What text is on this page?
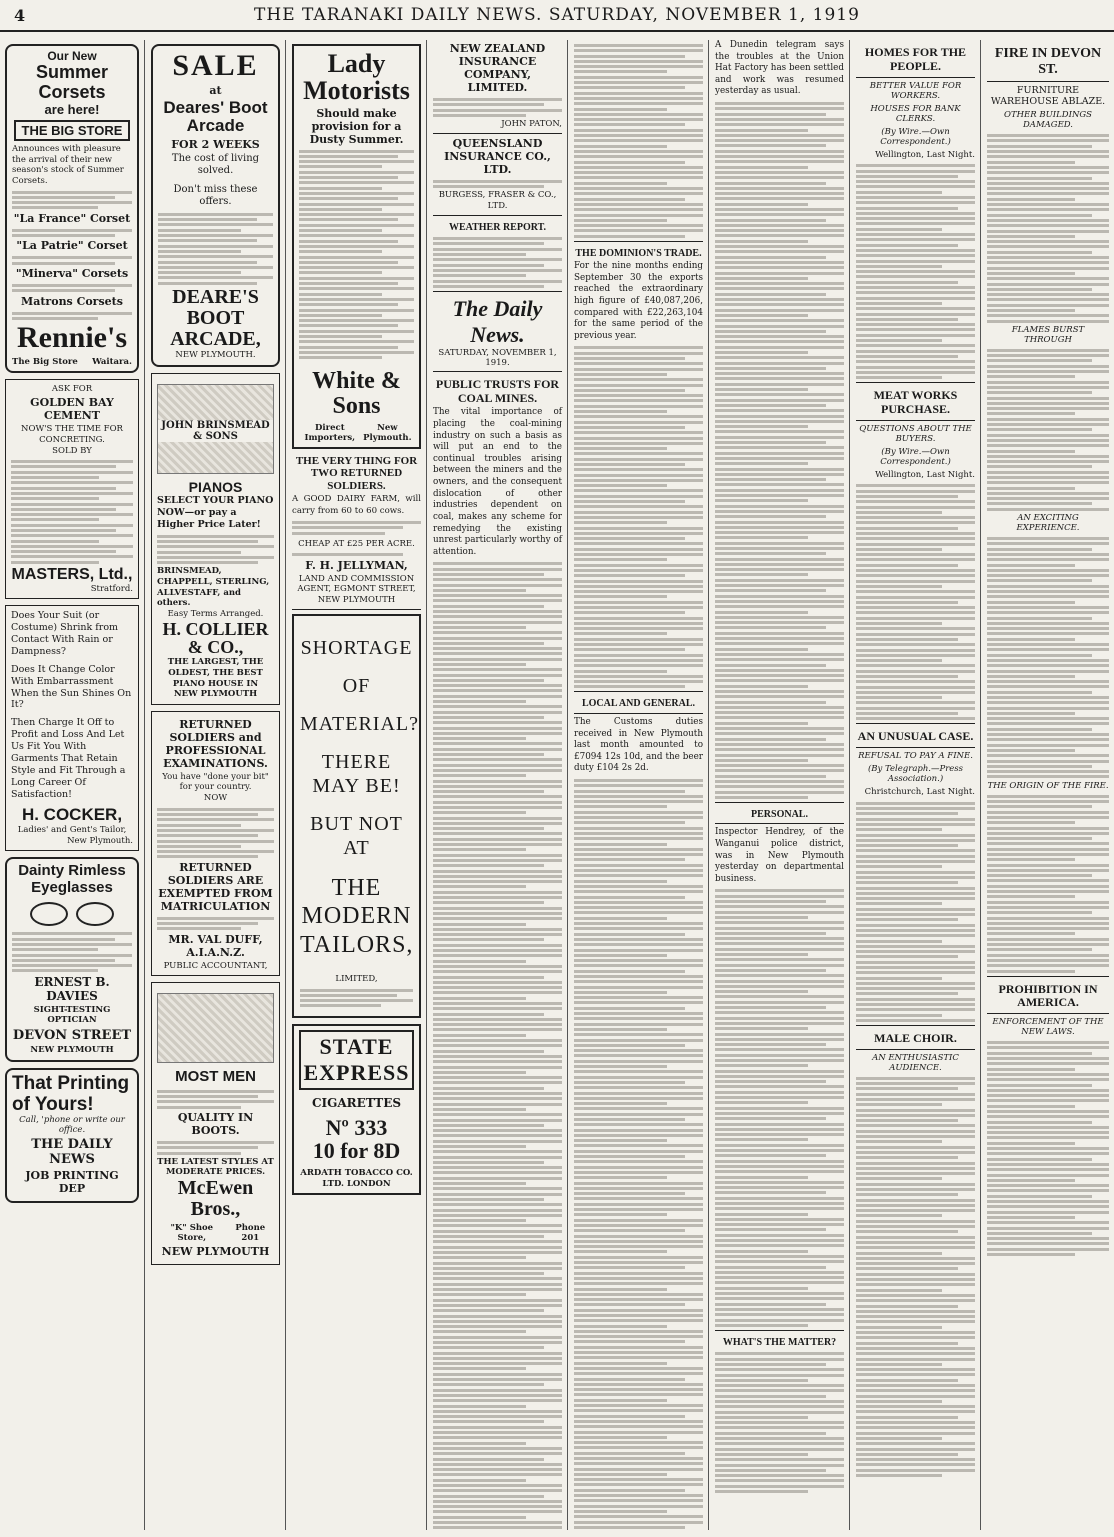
4	THE TARANAKI DAILY NEWS. SATURDAY, NOVEMBER 1, 1919
Our New
Summer
Corsets
are here!
THE BIG STORE
Announces with pleasure the arrival of their new season's stock of Summer Corsets.
"La France" Corset
"La Patrie" Corset
"Minerva" Corsets
Matrons Corsets
Rennie's
The Big Store Waitara.
ASK FOR
GOLDEN BAY CEMENT
NOW'S THE TIME FOR CONCRETING.
SOLD BY
MASTERS, Ltd.,
Stratford.
Does Your Suit (or Costume) Shrink from Contact With Rain or Dampness?
Does It Change Color With Embarrassment When the Sun Shines On It?
Then Charge It Off to Profit and Loss And Let Us Fit You With Garments That Retain Style and Fit Through a Long Career Of Satisfaction!
H. COCKER,
Ladies' and Gent's Tailor,
New Plymouth.
Dainty Rimless Eyeglasses
ERNEST B. DAVIES
SIGHT-TESTING OPTICIAN
DEVON STREET
NEW PLYMOUTH
That Printing of Yours!
Call, 'phone or write our office.
THE DAILY NEWS
JOB PRINTING DEP
SALE
at
Deares' Boot Arcade
FOR 2 WEEKS
The cost of living solved.
Don't miss these offers.
DEARE'S BOOT ARCADE,
NEW PLYMOUTH.
JOHN BRINSMEAD & SONS
PIANOS
SELECT YOUR PIANO NOW—or pay a Higher Price Later!
BRINSMEAD, CHAPPELL, STERLING, ALLVESTAFF, and others.
Easy Terms Arranged.
H. COLLIER & CO.,
THE LARGEST, THE OLDEST, THE BEST PIANO HOUSE IN
NEW PLYMOUTH
RETURNED SOLDIERS and PROFESSIONAL EXAMINATIONS.
You have "done your bit" for your country.
NOW
RETURNED SOLDIERS ARE EXEMPTED FROM MATRICULATION
MR. VAL DUFF, A.I.A.N.Z.
PUBLIC ACCOUNTANT,
MOST MEN
QUALITY IN BOOTS.
THE LATEST STYLES AT MODERATE PRICES.
McEwen Bros.,
"K" Shoe Store,
Phone 201
NEW PLYMOUTH
Lady Motorists
Should make provision for a Dusty Summer.
White & Sons
Direct Importers,
New Plymouth.
THE VERY THING FOR TWO RETURNED SOLDIERS.
A GOOD DAIRY FARM, will carry from 60 to 60 cows.
CHEAP AT £25 PER ACRE.
F. H. JELLYMAN,
LAND AND COMMISSION AGENT, EGMONT STREET, NEW PLYMOUTH
SHORTAGE
OF
MATERIAL?
THERE MAY BE!
BUT NOT AT
THE MODERN TAILORS,
LIMITED,
STATE EXPRESS
CIGARETTES
Nº 333
10 for 8D
ARDATH TOBACCO CO. LTD. LONDON
NEW ZEALAND INSURANCE COMPANY, LIMITED.
JOHN PATON,
QUEENSLAND INSURANCE CO., LTD.
BURGESS, FRASER & CO., LTD.
WEATHER REPORT.
The Daily News.
SATURDAY, NOVEMBER 1, 1919.
PUBLIC TRUSTS FOR COAL MINES.
The vital importance of placing the coal-mining industry on such a basis as will put an end to the continual troubles arising between the miners and the owners, and the consequent dislocation of other industries dependent on coal, makes any scheme for remedying the existing unrest particularly worthy of attention.
THE DOMINION'S TRADE.
For the nine months ending September 30 the exports reached the extraordinary high figure of £40,087,206, compared with £22,263,104 for the same period of the previous year.
LOCAL AND GENERAL.
The Customs duties received in New Plymouth last month amounted to £7094 12s 10d, and the beer duty £104 2s 2d.
A Dunedin telegram says the troubles at the Union Hat Factory has been settled and work was resumed yesterday as usual.
PERSONAL.
Inspector Hendrey, of the Wanganui police district, was in New Plymouth yesterday on departmental business.
WHAT'S THE MATTER?
HOMES FOR THE PEOPLE.
BETTER VALUE FOR WORKERS.
HOUSES FOR BANK CLERKS.
(By Wire.—Own Correspondent.)
Wellington, Last Night.
MEAT WORKS PURCHASE.
QUESTIONS ABOUT THE BUYERS.
(By Wire.—Own Correspondent.)
Wellington, Last Night.
AN UNUSUAL CASE.
REFUSAL TO PAY A FINE.
(By Telegraph.—Press Association.)
Christchurch, Last Night.
MALE CHOIR.
AN ENTHUSIASTIC AUDIENCE.
FIRE IN DEVON ST.
FURNITURE WAREHOUSE ABLAZE.
OTHER BUILDINGS DAMAGED.
FLAMES BURST THROUGH
AN EXCITING EXPERIENCE.
THE ORIGIN OF THE FIRE.
PROHIBITION IN AMERICA.
ENFORCEMENT OF THE NEW LAWS.
